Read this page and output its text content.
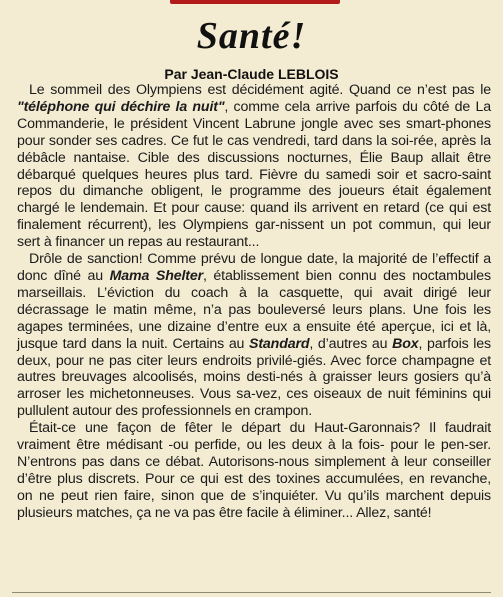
Santé!
Par Jean-Claude LEBLOIS

Le sommeil des Olympiens est décidément agité. Quand ce n’est pas le "téléphone qui déchire la nuit", comme cela arrive parfois du côté de La Commanderie, le président Vincent Labrune jongle avec ses smart-phones pour sonder ses cadres. Ce fut le cas vendredi, tard dans la soi-rée, après la débâcle nantaise. Cible des discussions nocturnes, Élie Baup allait être débarqué quelques heures plus tard. Fièvre du samedi soir et sacro-saint repos du dimanche obligent, le programme des joueurs était également chargé le lendemain. Et pour cause: quand ils arrivent en retard (ce qui est finalement récurrent), les Olympiens gar-nissent un pot commun, qui leur sert à financer un repas au restaurant...

Drôle de sanction! Comme prévu de longue date, la majorité de l’effectif a donc dîné au Mama Shelter, établissement bien connu des noctambules marseillais. L’éviction du coach à la casquette, qui avait dirigé leur décrassage le matin même, n’a pas bouleversé leurs plans. Une fois les agapes terminées, une dizaine d’entre eux a ensuite été aperçue, ici et là, jusque tard dans la nuit. Certains au Standard, d’autres au Box, parfois les deux, pour ne pas citer leurs endroits privilé-giés. Avec force champagne et autres breuvages alcoolisés, moins desti-nés à graisser leurs gosiers qu’à arroser les michetonneuses. Vous sa-vez, ces oiseaux de nuit féminins qui pullulent autour des professionnels en crampon.

Était-ce une façon de fêter le départ du Haut-Garonnais? Il faudrait vraiment être médisant -ou perfide, ou les deux à la fois- pour le pen-ser. N’entrons pas dans ce débat. Autorisons-nous simplement à leur conseiller d’être plus discrets. Pour ce qui est des toxines accumulées, en revanche, on ne peut rien faire, sinon que de s’inquiéter. Vu qu’ils marchent depuis plusieurs matches, ça ne va pas être facile à éliminer... Allez, santé!
